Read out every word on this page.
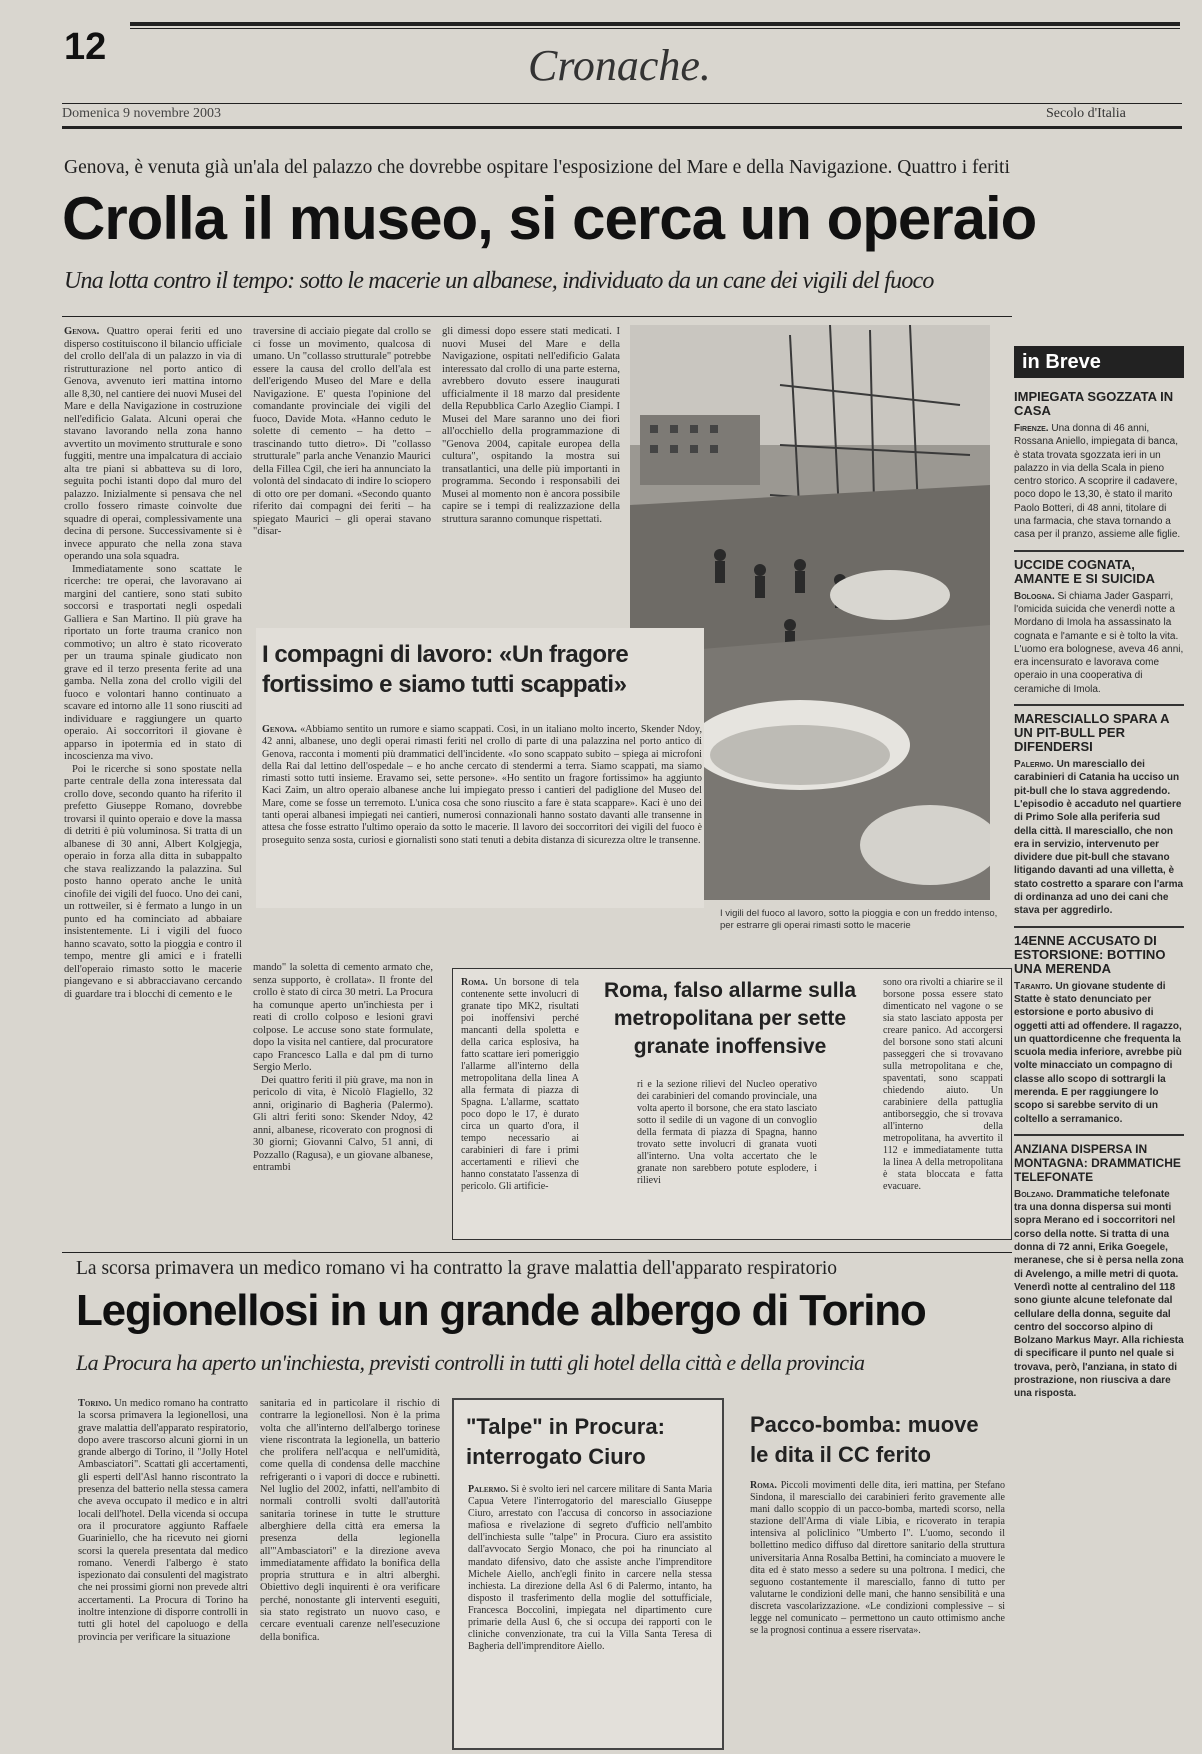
12	Cronache.
Domenica 9 novembre 2003	Secolo d'Italia
Genova, è venuta già un'ala del palazzo che dovrebbe ospitare l'esposizione del Mare e della Navigazione. Quattro i feriti
Crolla il museo, si cerca un operaio
Una lotta contro il tempo: sotto le macerie un albanese, individuato da un cane dei vigili del fuoco

Genova. Quattro operai feriti ed uno disperso costituiscono il bilancio ufficiale del crollo dell'ala di un palazzo in via di ristrutturazione nel porto antico di Genova, avvenuto ieri mattina intorno alle 8,30, nel cantiere dei nuovi Musei del Mare e della Navigazione in costruzione nell'edificio Galata. Alcuni operai che stavano lavorando nella zona hanno avvertito un movimento strutturale e sono fuggiti, mentre una impalcatura di acciaio alta tre piani si abbatteva su di loro, seguita pochi istanti dopo dal muro del palazzo. Inizialmente si pensava che nel crollo fossero rimaste coinvolte due squadre di operai, complessivamente una decina di persone. Successivamente si è invece appurato che nella zona stava operando una sola squadra.

Immediatamente sono scattate le ricerche: tre operai, che lavoravano ai margini del cantiere, sono stati subito soccorsi e trasportati negli ospedali Galliera e San Martino. Il più grave ha riportato un forte trauma cranico non commotivo; un altro è stato ricoverato per un trauma spinale giudicato non grave ed il terzo presenta ferite ad una gamba. Nella zona del crollo vigili del fuoco e volontari hanno continuato a scavare ed intorno alle 11 sono riusciti ad individuare e raggiungere un quarto operaio. Ai soccorritori il giovane è apparso in ipotermia ed in stato di incoscienza ma vivo.

Poi le ricerche si sono spostate nella parte centrale della zona interessata dal crollo dove, secondo quanto ha riferito il prefetto Giuseppe Romano, dovrebbe trovarsi il quinto operaio e dove la massa di detriti è più voluminosa. Si tratta di un albanese di 30 anni, Albert Kolgjegja, operaio in forza alla ditta in subappalto che stava realizzando la palazzina. Sul posto hanno operato anche le unità cinofile dei vigili del fuoco. Uno dei cani, un rottweiler, si è fermato a lungo in un punto ed ha cominciato ad abbaiare insistentemente. Li i vigili del fuoco hanno scavato, sotto la pioggia e contro il tempo, mentre gli amici e i fratelli dell'operaio rimasto sotto le macerie piangevano e si abbracciavano cercando di guardare tra i blocchi di cemento e le

traversine di acciaio piegate dal crollo se ci fosse un movimento, qualcosa di umano. Un "collasso strutturale" potrebbe essere la causa del crollo dell'ala est dell'erigendo Museo del Mare e della Navigazione. E' questa l'opinione del comandante provinciale dei vigili del fuoco, Davide Mota. «Hanno ceduto le solette di cemento – ha detto – trascinando tutto dietro». Di "collasso strutturale" parla anche Venanzio Maurici della Fillea Cgil, che ieri ha annunciato la volontà del sindacato di indire lo sciopero di otto ore per domani. «Secondo quanto riferito dai compagni dei feriti – ha spiegato Maurici – gli operai stavano "disar-

gli dimessi dopo essere stati medicati. I nuovi Musei del Mare e della Navigazione, ospitati nell'edificio Galata interessato dal crollo di una parte esterna, avrebbero dovuto essere inaugurati ufficialmente il 18 marzo dal presidente della Repubblica Carlo Azeglio Ciampi. I Musei del Mare saranno uno dei fiori all'occhiello della programmazione di "Genova 2004, capitale europea della cultura", ospitando la mostra sui transatlantici, una delle più importanti in programma. Secondo i responsabili dei Musei al momento non è ancora possibile capire se i tempi di realizzazione della struttura saranno comunque rispettati.

I vigili del fuoco al lavoro, sotto la pioggia e con un freddo intenso, per estrarre gli operai rimasti sotto le macerie
I compagni di lavoro: «Un fragore fortissimo e siamo tutti scappati»

Genova. «Abbiamo sentito un rumore e siamo scappati. Così, in un italiano molto incerto, Skender Ndoy, 42 anni, albanese, uno degli operai rimasti feriti nel crollo di parte di una palazzina nel porto antico di Genova, racconta i momenti più drammatici dell'incidente. «Io sono scappato subito – spiega ai microfoni della Rai dal lettino dell'ospedale – e ho anche cercato di stendermi a terra. Siamo scappati, ma siamo rimasti sotto tutti insieme. Eravamo sei, sette persone». «Ho sentito un fragore fortissimo» ha aggiunto Kaci Zaim, un altro operaio albanese anche lui impiegato presso i cantieri del padiglione del Museo del Mare, come se fosse un terremoto. L'unica cosa che sono riuscito a fare è stata scappare». Kaci è uno dei tanti operai albanesi impiegati nei cantieri, numerosi connazionali hanno sostato davanti alle transenne in attesa che fosse estratto l'ultimo operaio da sotto le macerie. Il lavoro dei soccorritori dei vigili del fuoco è proseguito senza sosta, curiosi e giornalisti sono stati tenuti a debita distanza di sicurezza oltre le transenne.

mando" la soletta di cemento armato che, senza supporto, è crollata». Il fronte del crollo è stato di circa 30 metri. La Procura ha comunque aperto un'inchiesta per i reati di crollo colposo e lesioni gravi colpose. Le accuse sono state formulate, dopo la visita nel cantiere, dal procuratore capo Francesco Lalla e dal pm di turno Sergio Merlo.

Dei quattro feriti il più grave, ma non in pericolo di vita, è Nicolò Flagiello, 32 anni, originario di Bagheria (Palermo). Gli altri feriti sono: Skender Ndoy, 42 anni, albanese, ricoverato con prognosi di 30 giorni; Giovanni Calvo, 51 anni, di Pozzallo (Ragusa), e un giovane albanese, entrambi

Roma, falso allarme sulla metropolitana per sette granate inoffensive

Roma. Un borsone di tela contenente sette involucri di granate tipo MK2, risultati poi inoffensivi perché mancanti della spoletta e della carica esplosiva, ha fatto scattare ieri pomeriggio l'allarme all'interno della metropolitana della linea A alla fermata di piazza di Spagna. L'allarme, scattato poco dopo le 17, è durato circa un quarto d'ora, il tempo necessario ai carabinieri di fare i primi accertamenti e rilievi che hanno constatato l'assenza di pericolo. Gli artificie-

ri e la sezione rilievi del Nucleo operativo dei carabinieri del comando provinciale, una volta aperto il borsone, che era stato lasciato sotto il sedile di un vagone di un convoglio della fermata di piazza di Spagna, hanno trovato sette involucri di granata vuoti all'interno. Una volta accertato che le granate non sarebbero potute esplodere, i rilievi

sono ora rivolti a chiarire se il borsone possa essere stato dimenticato nel vagone o se sia stato lasciato apposta per creare panico. Ad accorgersi del borsone sono stati alcuni passeggeri che si trovavano sulla metropolitana e che, spaventati, sono scappati chiedendo aiuto. Un carabiniere della pattuglia antiborseggio, che si trovava all'interno della metropolitana, ha avvertito il 112 e immediatamente tutta la linea A della metropolitana è stata bloccata e fatta evacuare.

in Breve
IMPIEGATA SGOZZATA IN CASA
Firenze. Una donna di 46 anni, Rossana Aniello, impiegata di banca, è stata trovata sgozzata ieri in un palazzo in via della Scala in pieno centro storico. A scoprire il cadavere, poco dopo le 13,30, è stato il marito Paolo Botteri, di 48 anni, titolare di una farmacia, che stava tornando a casa per il pranzo, assieme alle figlie.
UCCIDE COGNATA, AMANTE E SI SUICIDA
Bologna. Si chiama Jader Gasparri, l'omicida suicida che venerdì notte a Mordano di Imola ha assassinato la cognata e l'amante e si è tolto la vita. L'uomo era bolognese, aveva 46 anni, era incensurato e lavorava come operaio in una cooperativa di ceramiche di Imola.
MARESCIALLO SPARA A UN PIT-BULL PER DIFENDERSI
Palermo. Un maresciallo dei carabinieri di Catania ha ucciso un pit-bull che lo stava aggredendo. L'episodio è accaduto nel quartiere di Primo Sole alla periferia sud della città. Il maresciallo, che non era in servizio, intervenuto per dividere due pit-bull che stavano litigando davanti ad una villetta, è stato costretto a sparare con l'arma di ordinanza ad uno dei cani che stava per aggredirlo.
14ENNE ACCUSATO DI ESTORSIONE: BOTTINO UNA MERENDA
Taranto. Un giovane studente di Statte è stato denunciato per estorsione e porto abusivo di oggetti atti ad offendere. Il ragazzo, un quattordicenne che frequenta la scuola media inferiore, avrebbe più volte minacciato un compagno di classe allo scopo di sottrargli la merenda. E per raggiungere lo scopo si sarebbe servito di un coltello a serramanico.
ANZIANA DISPERSA IN MONTAGNA: DRAMMATICHE TELEFONATE
Bolzano. Drammatiche telefonate tra una donna dispersa sui monti sopra Merano ed i soccorritori nel corso della notte. Si tratta di una donna di 72 anni, Erika Goegele, meranese, che si è persa nella zona di Avelengo, a mille metri di quota. Venerdì notte al centralino del 118 sono giunte alcune telefonate dal cellulare della donna, seguite dal centro del soccorso alpino di Bolzano Markus Mayr. Alla richiesta di specificare il punto nel quale si trovava, però, l'anziana, in stato di prostrazione, non riusciva a dare una risposta.
La scorsa primavera un medico romano vi ha contratto la grave malattia dell'apparato respiratorio
Legionellosi in un grande albergo di Torino
La Procura ha aperto un'inchiesta, previsti controlli in tutti gli hotel della città e della provincia

Torino. Un medico romano ha contratto la scorsa primavera la legionellosi, una grave malattia dell'apparato respiratorio, dopo avere trascorso alcuni giorni in un grande albergo di Torino, il "Jolly Hotel Ambasciatori". Scattati gli accertamenti, gli esperti dell'Asl hanno riscontrato la presenza del batterio nella stessa camera che aveva occupato il medico e in altri locali dell'hotel. Della vicenda si occupa ora il procuratore aggiunto Raffaele Guariniello, che ha ricevuto nei giorni scorsi la querela presentata dal medico romano. Venerdì l'albergo è stato ispezionato dai consulenti del magistrato che nei prossimi giorni non prevede altri accertamenti. La Procura di Torino ha inoltre intenzione di disporre controlli in tutti gli hotel del capoluogo e della provincia per verificare la situazione

sanitaria ed in particolare il rischio di contrarre la legionellosi. Non è la prima volta che all'interno dell'albergo torinese viene riscontrata la legionella, un batterio che prolifera nell'acqua e nell'umidità, come quella di condensa delle macchine refrigeranti o i vapori di docce e rubinetti. Nel luglio del 2002, infatti, nell'ambito di normali controlli svolti dall'autorità sanitaria torinese in tutte le strutture alberghiere della città era emersa la presenza della legionella all'"Ambasciatori" e la direzione aveva immediatamente affidato la bonifica della propria struttura e in altri alberghi. Obiettivo degli inquirenti è ora verificare perché, nonostante gli interventi eseguiti, sia stato registrato un nuovo caso, e cercare eventuali carenze nell'esecuzione della bonifica.

"Talpe" in Procura: interrogato Ciuro

Palermo. Si è svolto ieri nel carcere militare di Santa Maria Capua Vetere l'interrogatorio del maresciallo Giuseppe Ciuro, arrestato con l'accusa di concorso in associazione mafiosa e rivelazione di segreto d'ufficio nell'ambito dell'inchiesta sulle "talpe" in Procura. Ciuro era assistito dall'avvocato Sergio Monaco, che poi ha rinunciato al mandato difensivo, dato che assiste anche l'imprenditore Michele Aiello, anch'egli finito in carcere nella stessa inchiesta. La direzione della Asl 6 di Palermo, intanto, ha disposto il trasferimento della moglie del sottufficiale, Francesca Boccolini, impiegata nel dipartimento cure primarie della Ausl 6, che si occupa dei rapporti con le cliniche convenzionate, tra cui la Villa Santa Teresa di Bagheria dell'imprenditore Aiello.

Pacco-bomba: muove le dita il CC ferito

Roma. Piccoli movimenti delle dita, ieri mattina, per Stefano Sindona, il maresciallo dei carabinieri ferito gravemente alle mani dallo scoppio di un pacco-bomba, martedì scorso, nella stazione dell'Arma di viale Libia, e ricoverato in terapia intensiva al policlinico "Umberto I". L'uomo, secondo il bollettino medico diffuso dal direttore sanitario della struttura universitaria Anna Rosalba Bettini, ha cominciato a muovere le dita ed è stato messo a sedere su una poltrona. I medici, che seguono costantemente il maresciallo, fanno di tutto per valutarne le condizioni delle mani, che hanno sensibilità e una discreta vascolarizzazione. «Le condizioni complessive – si legge nel comunicato – permettono un cauto ottimismo anche se la prognosi continua a essere riservata».
